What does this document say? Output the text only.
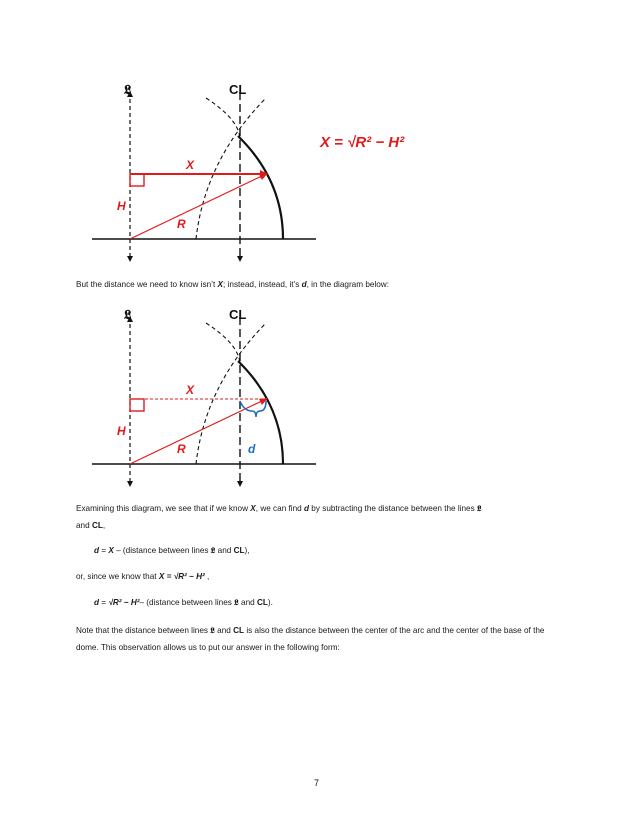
𝕷	CL
X
H
R
X = √R² − H²
But the distance we need to know isn’t X; instead, instead, it’s d, in the diagram below:
𝕷	CL
X
H
R	d
Examining this diagram, we see that if we know X, we can find d by subtracting the distance between the lines 𝕷
and CL,
d = X – (distance between lines 𝕷 and CL),
or, since we know that X = √R² − H² ,
d = √R² − H²– (distance between lines 𝕷 and CL).
Note that the distance between lines 𝕷 and CL is also the distance between the center of the arc and the center of the base of the dome. This observation allows us to put our answer in the following form:
7
